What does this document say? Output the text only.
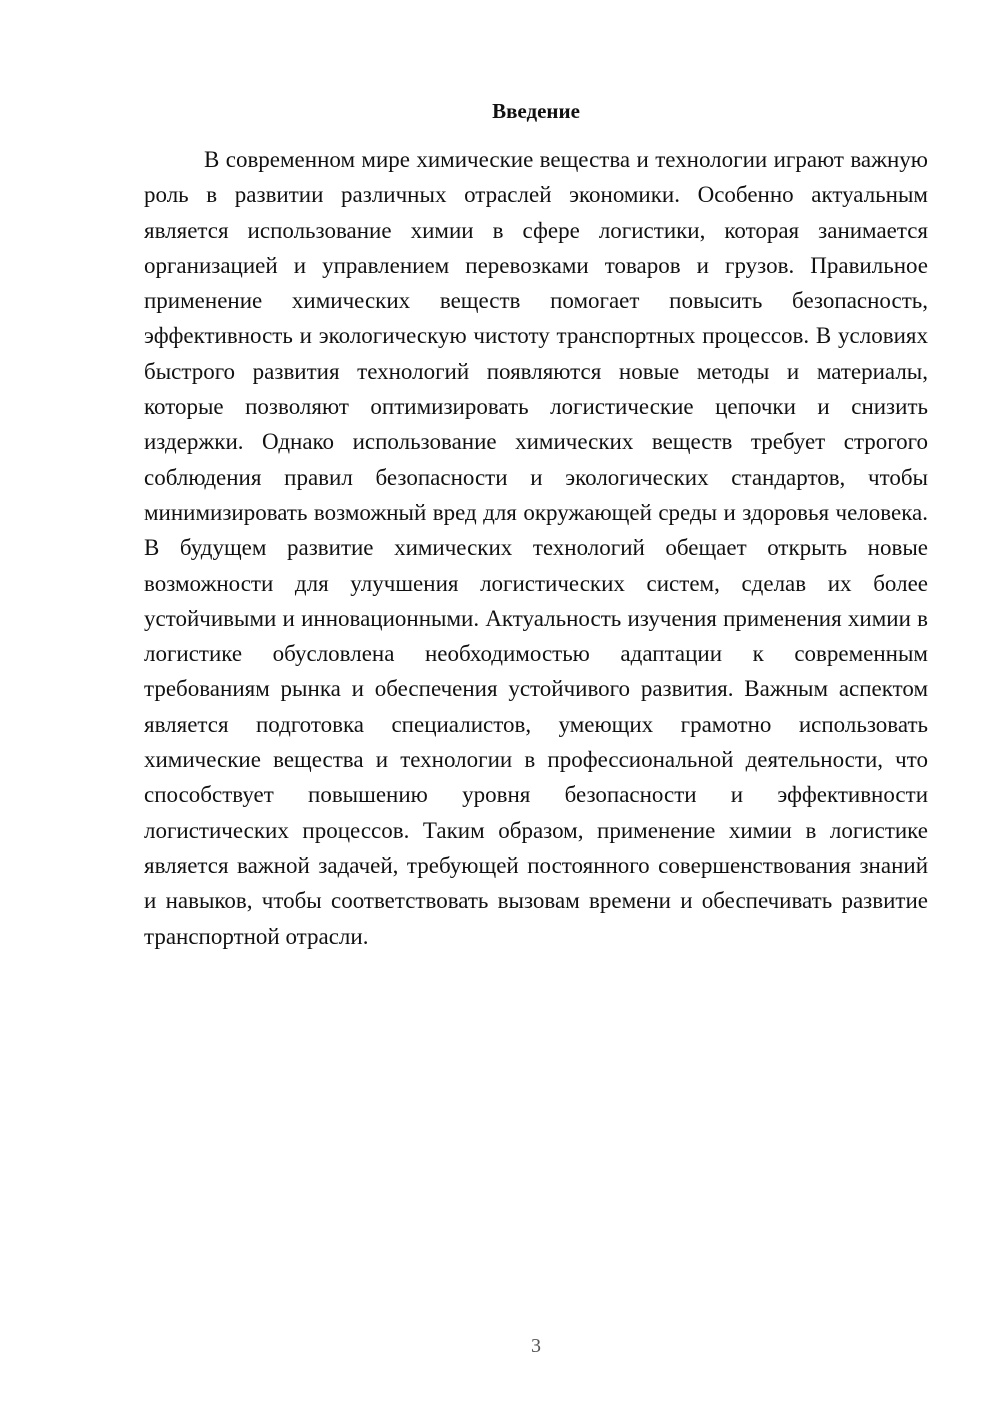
Введение

В современном мире химические вещества и технологии играют важную роль в развитии различных отраслей экономики. Особенно актуальным является использование химии в сфере логистики, которая занимается организацией и управлением перевозками товаров и грузов. Правильное применение химических веществ помогает повысить безопасность, эффективность и экологическую чистоту транспортных процессов. В условиях быстрого развития технологий появляются новые методы и материалы, которые позволяют оптимизировать логистические цепочки и снизить издержки. Однако использование химических веществ требует строгого соблюдения правил безопасности и экологических стандартов, чтобы минимизировать возможный вред для окружающей среды и здоровья человека. В будущем развитие химических технологий обещает открыть новые возможности для улучшения логистических систем, сделав их более устойчивыми и инновационными. Актуальность изучения применения химии в логистике обусловлена необходимостью адаптации к современным требованиям рынка и обеспечения устойчивого развития. Важным аспектом является подготовка специалистов, умеющих грамотно использовать химические вещества и технологии в профессиональной деятельности, что способствует повышению уровня безопасности и эффективности логистических процессов. Таким образом, применение химии в логистике является важной задачей, требующей постоянного совершенствования знаний и навыков, чтобы соответствовать вызовам времени и обеспечивать развитие транспортной отрасли.

3
